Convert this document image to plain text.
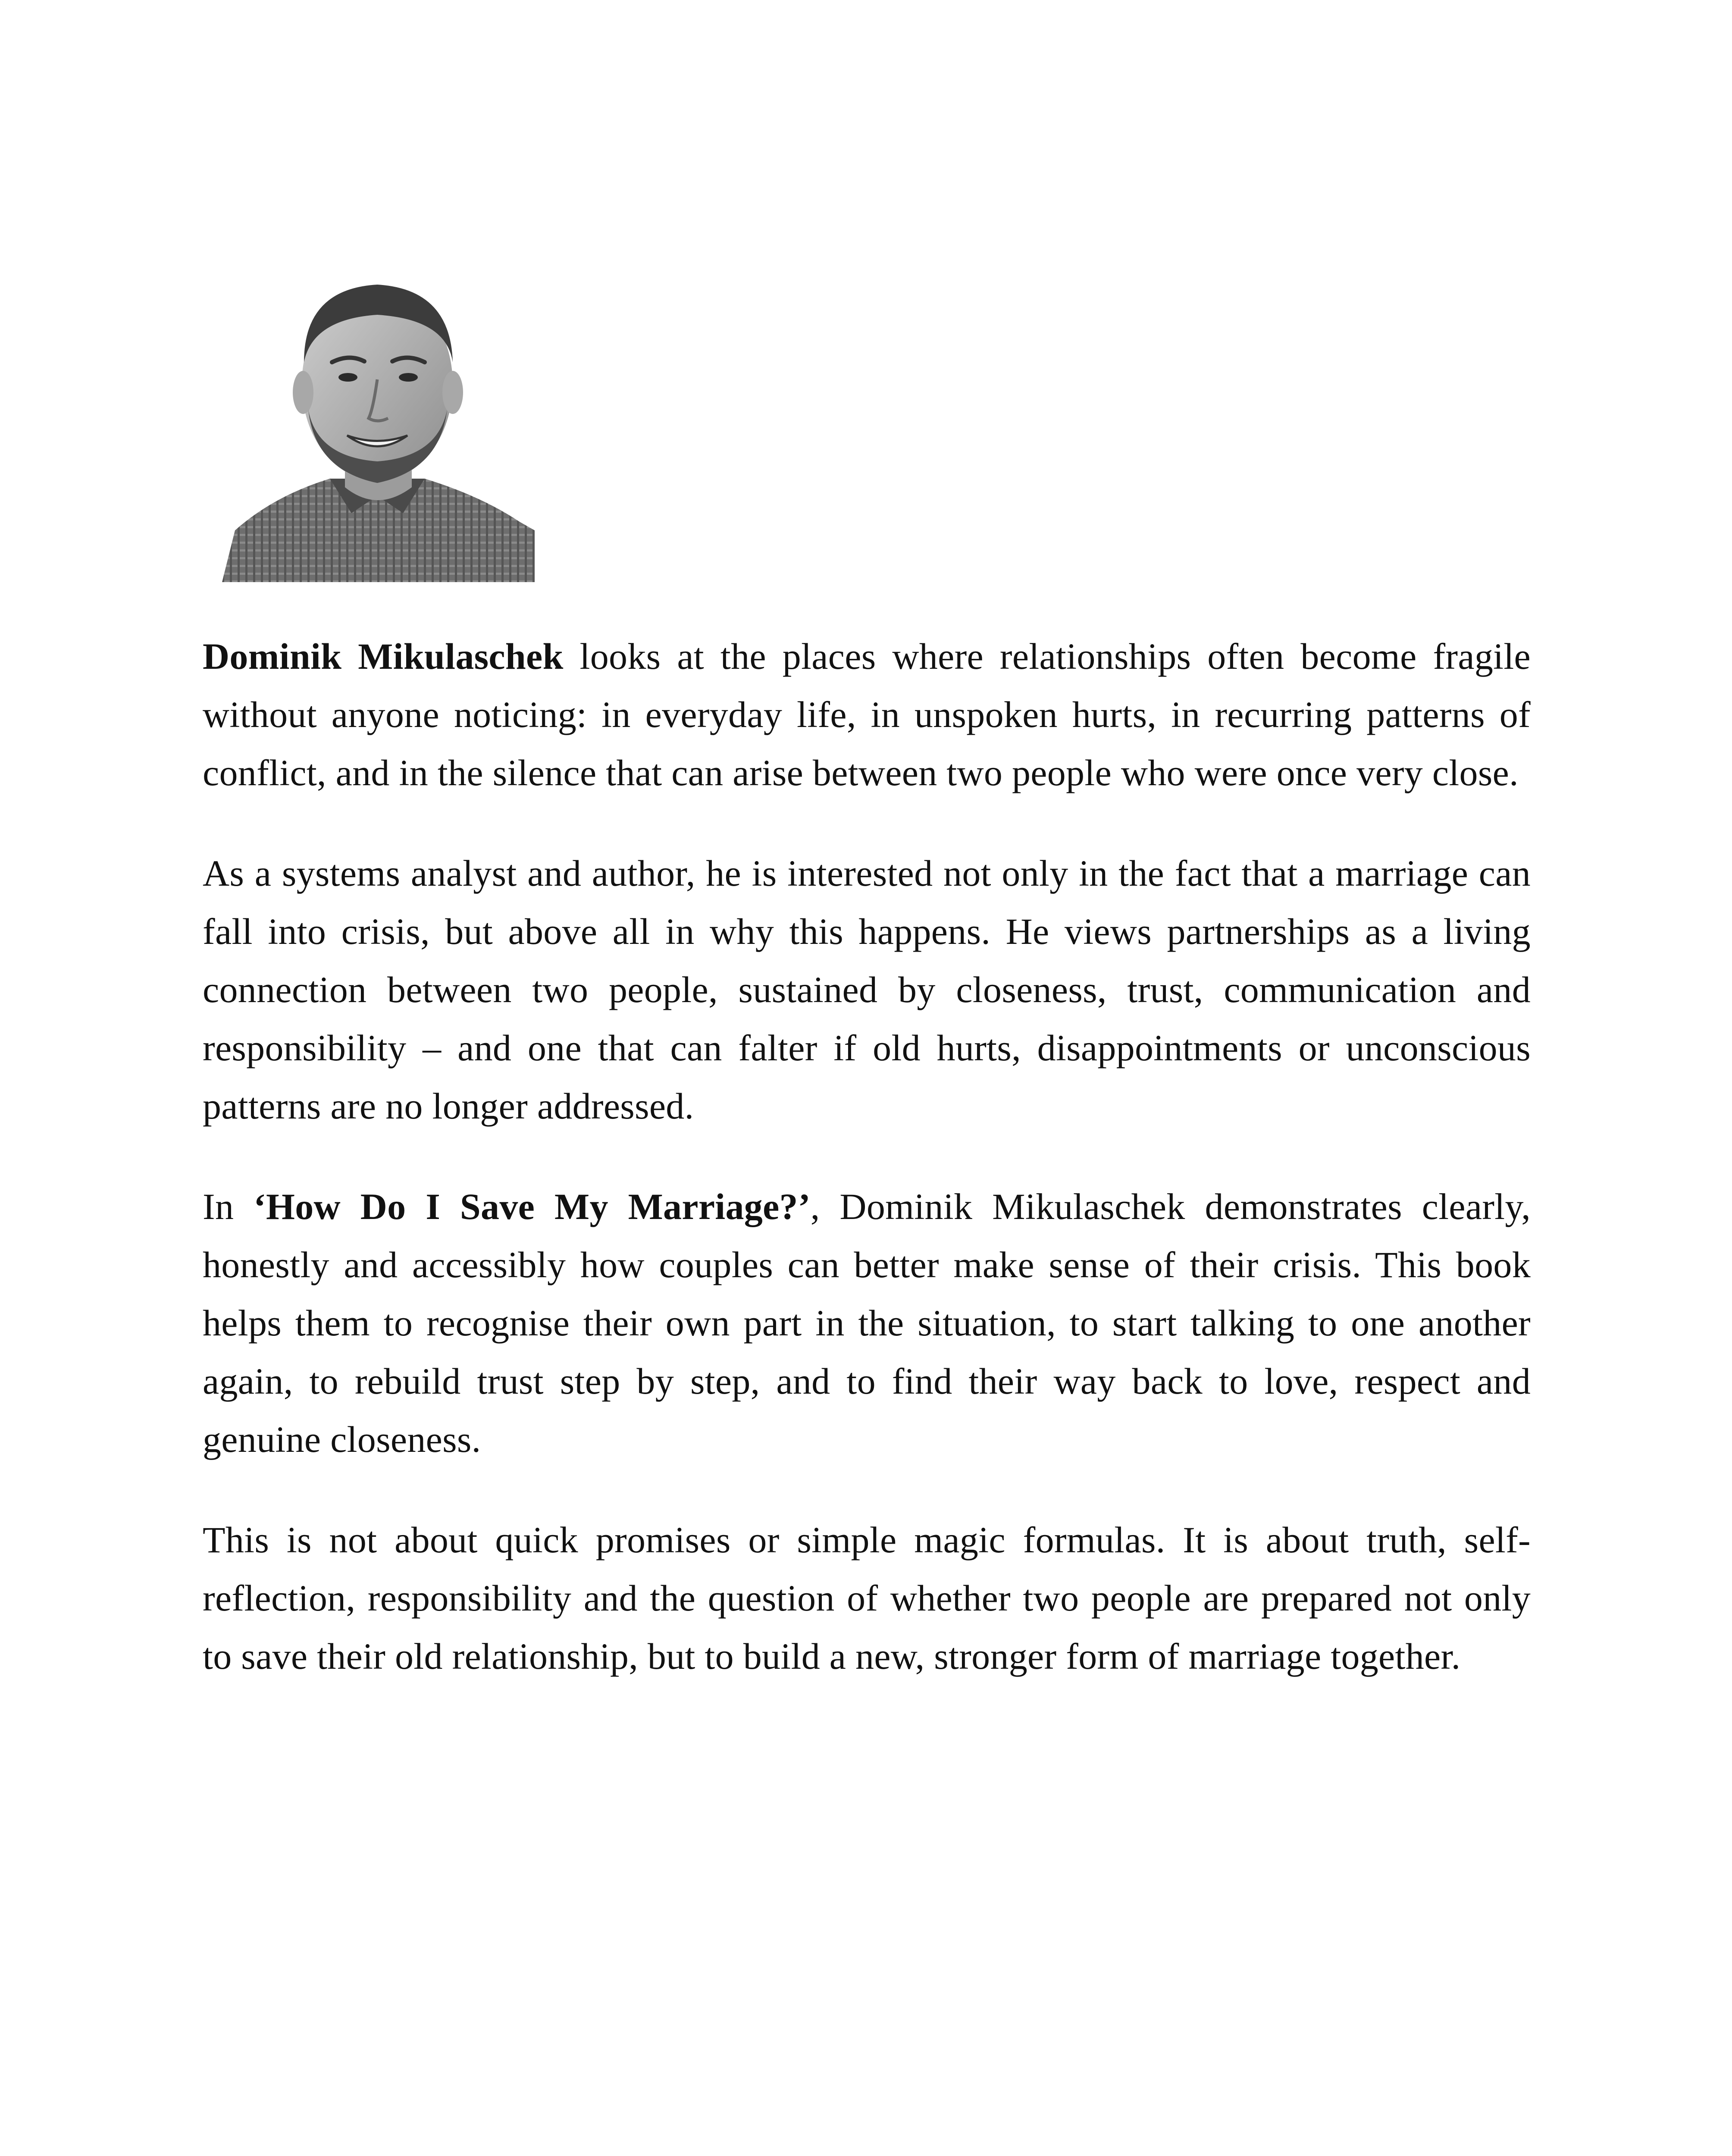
Dominik Mikulaschek looks at the places where relationships often become fragile without anyone noticing: in everyday life, in unspoken hurts, in recurring patterns of conflict, and in the silence that can arise between two people who were once very close.

As a systems analyst and author, he is interested not only in the fact that a marriage can fall into crisis, but above all in why this happens. He views partnerships as a living connection between two people, sustained by closeness, trust, communication and responsibility – and one that can falter if old hurts, disappointments or unconscious patterns are no longer addressed.

In ‘How Do I Save My Marriage?’, Dominik Mikulaschek demonstrates clearly, honestly and accessibly how couples can better make sense of their crisis. This book helps them to recognise their own part in the situation, to start talking to one another again, to rebuild trust step by step, and to find their way back to love, respect and genuine closeness.

This is not about quick promises or simple magic formulas. It is about truth, self-reflection, responsibility and the question of whether two people are prepared not only to save their old relationship, but to build a new, stronger form of marriage together.
